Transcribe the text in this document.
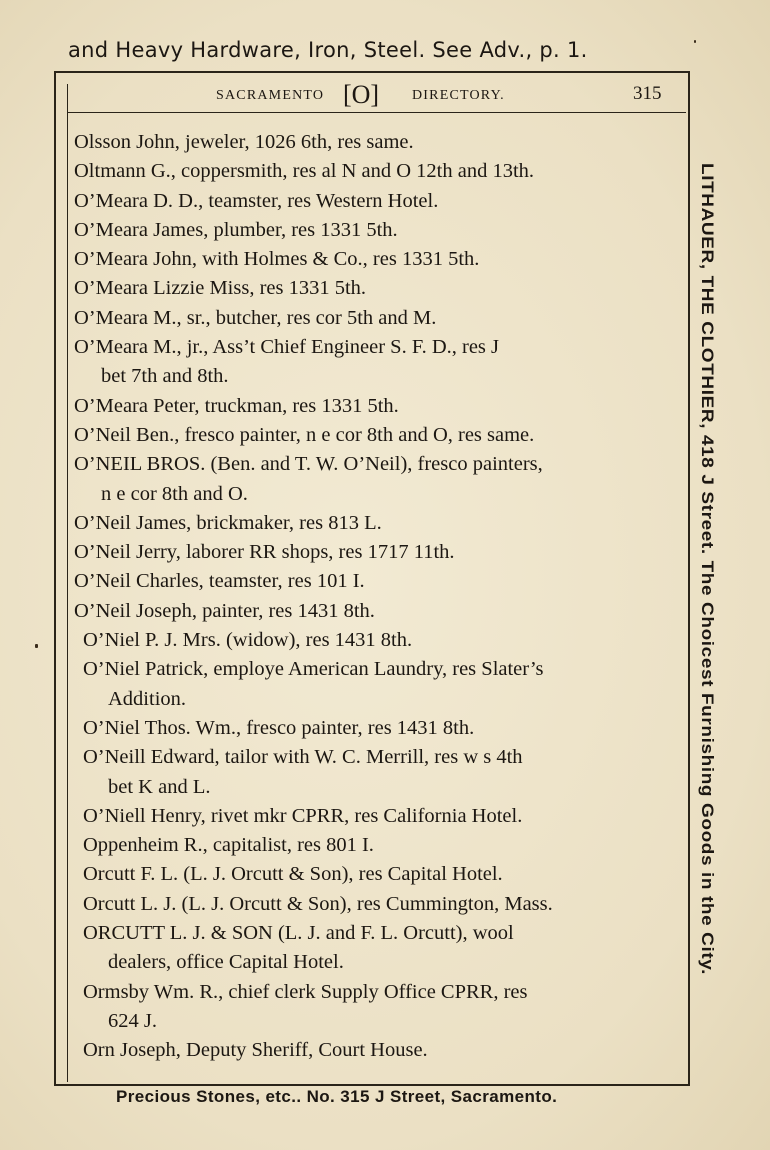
and Heavy Hardware, Iron, Steel. See Adv., p. 1.
SACRAMENTO [O] DIRECTORY.	315
Olsson John, jeweler, 1026 6th, res same.
Oltmann G., coppersmith, res al N and O 12th and 13th.
O’Meara D. D., teamster, res Western Hotel.
O’Meara James, plumber, res 1331 5th.
O’Meara John, with Holmes & Co., res 1331 5th.
O’Meara Lizzie Miss, res 1331 5th.
O’Meara M., sr., butcher, res cor 5th and M.
O’Meara M., jr., Ass’t Chief Engineer S. F. D., res J
bet 7th and 8th.
O’Meara Peter, truckman, res 1331 5th.
O’Neil Ben., fresco painter, n e cor 8th and O, res same.
O’NEIL BROS. (Ben. and T. W. O’Neil), fresco painters,
n e cor 8th and O.
O’Neil James, brickmaker, res 813 L.
O’Neil Jerry, laborer RR shops, res 1717 11th.
O’Neil Charles, teamster, res 101 I.
O’Neil Joseph, painter, res 1431 8th.
O’Niel P. J. Mrs. (widow), res 1431 8th.
O’Niel Patrick, employe American Laundry, res Slater’s
Addition.
O’Niel Thos. Wm., fresco painter, res 1431 8th.
O’Neill Edward, tailor with W. C. Merrill, res w s 4th
bet K and L.
O’Niell Henry, rivet mkr CPRR, res California Hotel.
Oppenheim R., capitalist, res 801 I.
Orcutt F. L. (L. J. Orcutt & Son), res Capital Hotel.
Orcutt L. J. (L. J. Orcutt & Son), res Cummington, Mass.
ORCUTT L. J. & SON (L. J. and F. L. Orcutt), wool
dealers, office Capital Hotel.
Ormsby Wm. R., chief clerk Supply Office CPRR, res
624 J.
Orn Joseph, Deputy Sheriff, Court House.
LITHAUER, THE CLOTHIER, 418 J Street. The Choicest Furnishing Goods in the City.
Precious Stones, etc.. No. 315 J Street, Sacramento.
